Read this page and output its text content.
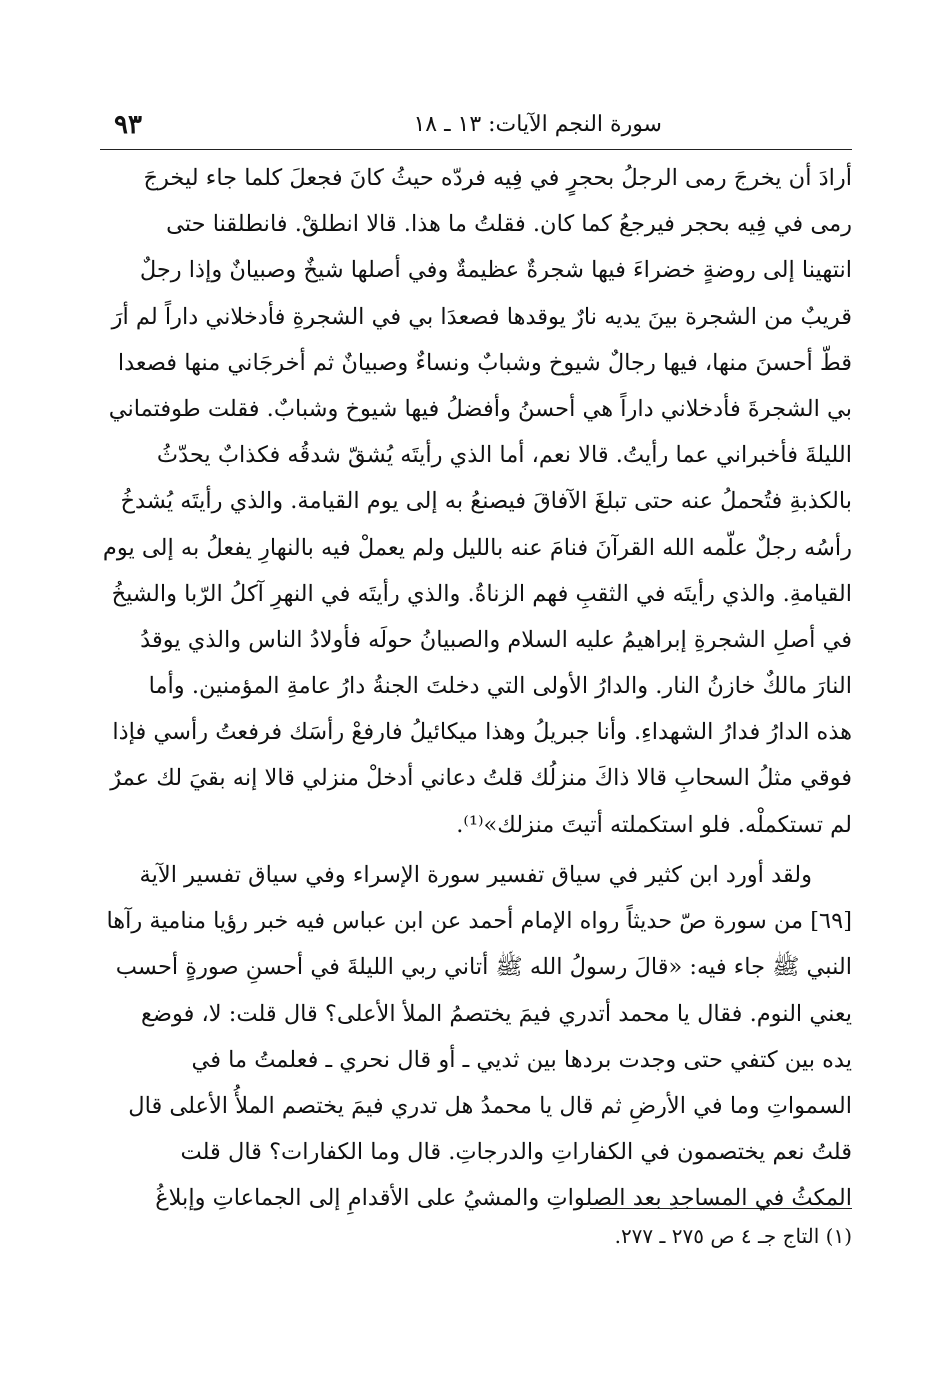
سورة النجم الآيات: ١٣ ـ ١٨
٩٣
أرادَ أن يخرجَ رمى الرجلُ بحجرٍ في فِيه فردّه حيثُ كانَ فجعلَ كلما جاء ليخرجَ
رمى في فِيه بحجر فيرجعُ كما كان. فقلتُ ما هذا. قالا انطلقْ. فانطلقنا حتى
انتهينا إلى روضةٍ خضراءَ فيها شجرةٌ عظيمةٌ وفي أصلها شيخٌ وصبيانٌ وإذا رجلٌ
قريبٌ من الشجرة بينَ يديه نارٌ يوقدها فصعدَا بي في الشجرةِ فأدخلاني داراً لم أرَ
قطّ أحسنَ منها، فيها رجالٌ شيوخ وشبابٌ ونساءٌ وصبيانٌ ثم أخرجَاني منها فصعدا
بي الشجرةَ فأدخلاني داراً هي أحسنُ وأفضلُ فيها شيوخ وشبابٌ. فقلت طوفتماني
الليلةَ فأخبراني عما رأيتُ. قالا نعم، أما الذي رأيتَه يُشقّ شدقُه فكذابٌ يحدّثُ
بالكذبةِ فتُحملُ عنه حتى تبلغَ الآفاقَ فيصنعُ به إلى يوم القيامة. والذي رأيتَه يُشدخُ
رأسُه رجلٌ علّمه الله القرآنَ فنامَ عنه بالليل ولم يعملْ فيه بالنهارِ يفعلُ به إلى يوم
القيامةِ. والذي رأيتَه في الثقبِ فهم الزناةُ. والذي رأيتَه في النهرِ آكلُ الرّبا والشيخُ
في أصلِ الشجرةِ إبراهيمُ عليه السلام والصبيانُ حولَه فأولادُ الناس والذي يوقدُ
النارَ مالكٌ خازنُ النار. والدارُ الأولى التي دخلتَ الجنةُ دارُ عامةِ المؤمنين. وأما
هذه الدارُ فدارُ الشهداءِ. وأنا جبريلُ وهذا ميكائيلُ فارفعْ رأسَك فرفعتُ رأسي فإذا
فوقي مثلُ السحابِ قالا ذاكَ منزلُك قلتُ دعاني أدخلْ منزلي قالا إنه بقيَ لك عمرٌ
لم تستكملْه. فلو استكملته أتيتَ منزلك»⁽¹⁾.
ولقد أورد ابن كثير في سياق تفسير سورة الإسراء وفي سياق تفسير الآية
[٦٩] من سورة صّ حديثاً رواه الإمام أحمد عن ابن عباس فيه خبر رؤيا منامية رآها
النبي ﷺ جاء فيه: «قالَ رسولُ الله ﷺ أتاني ربي الليلةَ في أحسنِ صورةٍ أحسب
يعني النوم. فقال يا محمد أتدري فيمَ يختصمُ الملأ الأعلى؟ قال قلت: لا، فوضع
يده بين كتفي حتى وجدت بردها بين ثديي ـ أو قال نحري ـ فعلمتُ ما في
السمواتِ وما في الأرضِ ثم قال يا محمدُ هل تدري فيمَ يختصم الملأُ الأعلى قال
قلتُ نعم يختصمون في الكفاراتِ والدرجاتِ. قال وما الكفارات؟ قال قلت
المكثُ في المساجدِ بعد الصلواتِ والمشيُ على الأقدامِ إلى الجماعاتِ وإبلاغُ
(١) التاج جـ ٤ ص ٢٧٥ ـ ٢٧٧.
